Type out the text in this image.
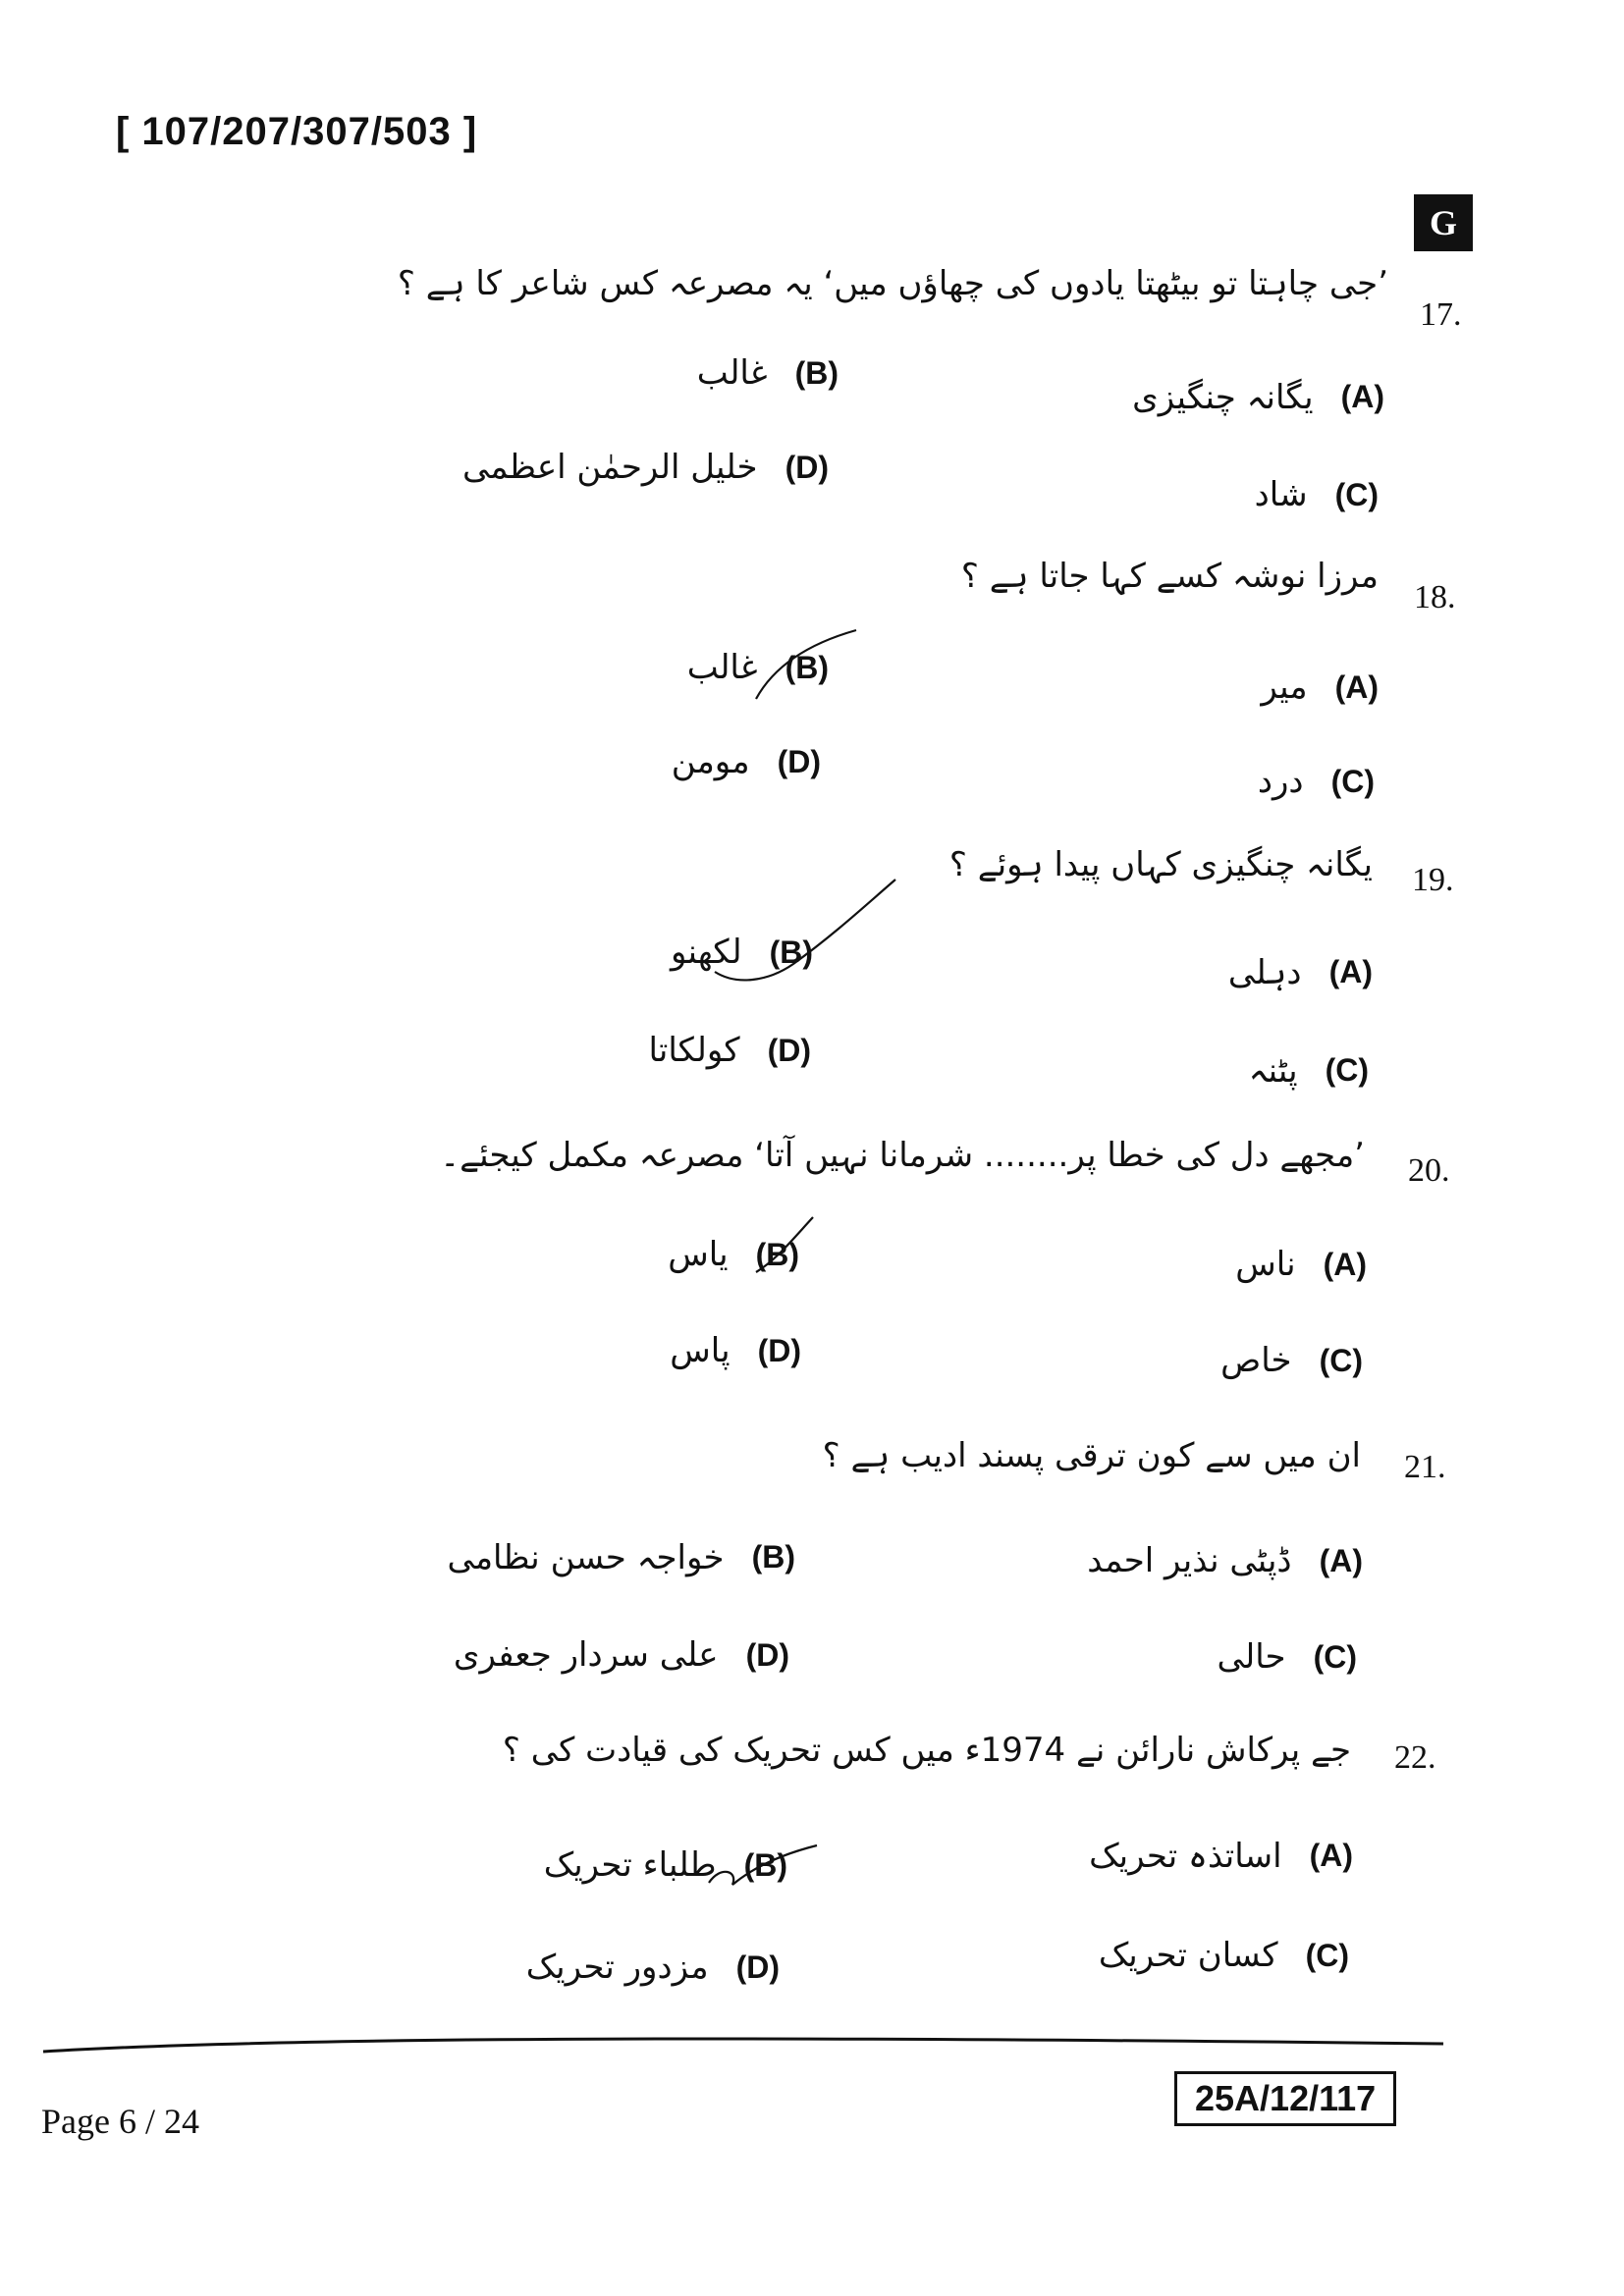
[ 107/207/307/503 ]
G
17.
’جی چاہتا تو بیٹھتا یادوں کی چھاؤں میں‘ یہ مصرعہ کس شاعر کا ہے ؟
(A)
یگانہ چنگیزی
(B)
غالب
(C)
شاد
(D)
خلیل الرحمٰن اعظمی
18.
مرزا نوشہ کسے کہا جاتا ہے ؟
(A)
میر
(B)
غالب
(C)
درد
(D)
مومن
19.
یگانہ چنگیزی کہاں پیدا ہوئے ؟
(A)
دہلی
(B)
لکھنو
(C)
پٹنہ
(D)
کولکاتا
20.
’مجھے دل کی خطا پر........ شرمانا نہیں آتا‘ مصرعہ مکمل کیجئے۔
(A)
ناس
(B)
یاس
(C)
خاص
(D)
پاس
21.
ان میں سے کون ترقی پسند ادیب ہے ؟
(A)
ڈپٹی نذیر احمد
(B)
خواجہ حسن نظامی
(C)
حالی
(D)
علی سردار جعفری
22.
جے پرکاش نارائن نے 1974ء میں کس تحریک کی قیادت کی ؟
(A)
اساتذہ تحریک
(B)
طلباء تحریک
(C)
کسان تحریک
(D)
مزدور تحریک
Page 6 / 24
25A/12/117
